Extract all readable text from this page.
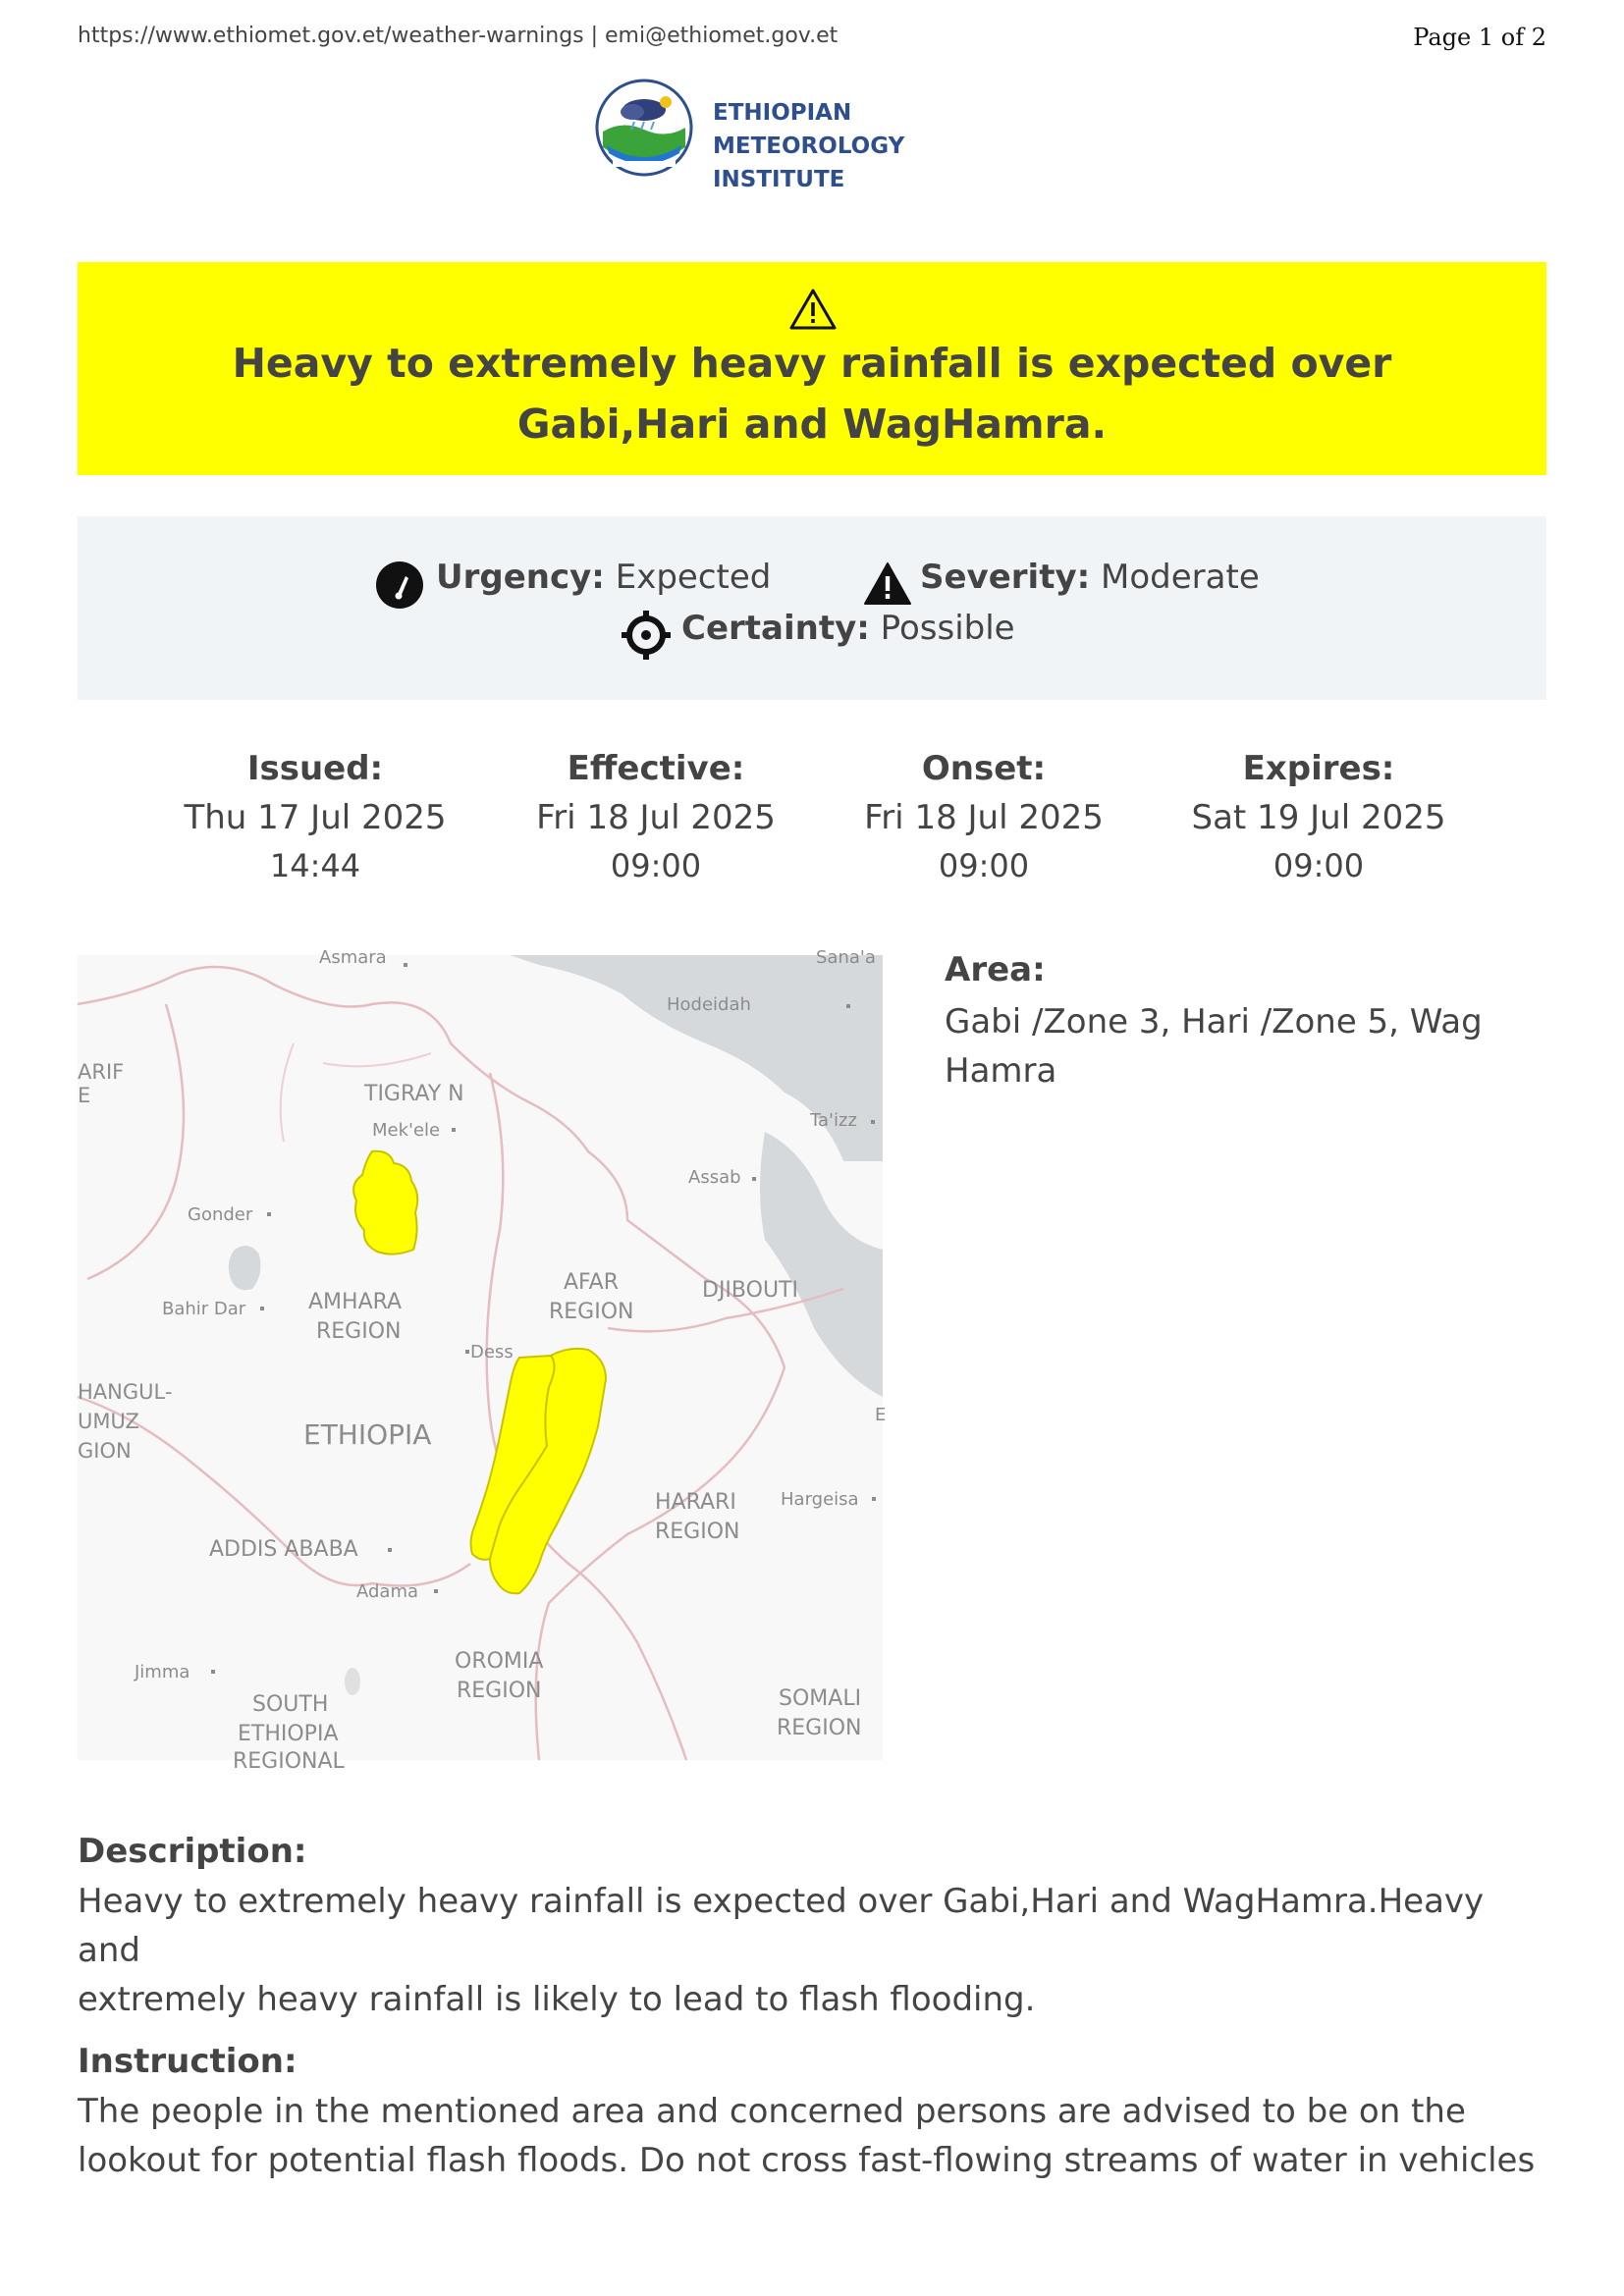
https://www.ethiomet.gov.et/weather-warnings | emi@ethiomet.gov.et	Page 1 of 2
ETHIOPIAN METEOROLOGY
INSTITUTE
Heavy to extremely heavy rainfall is expected over
Gabi,Hari and WagHamra.
Urgency: Expected	Severity: Moderate
Certainty: Possible
Issued:
Thu 17 Jul 2025
14:44
Effective:
Fri 18 Jul 2025
09:00
Onset:
Fri 18 Jul 2025
09:00
Expires:
Sat 19 Jul 2025
09:00
Asmara	Sana'a
Hodeidah
ARIF
E	TIGRAY N
Mek'ele	Ta'izz
Assab
Gonder
DJIBOUTI
Bahir Dar	AMHARA
REGION
AFAR
REGION
Dess
HANGUL-
UMUZ
GION	ETHIOPIA
E
Hargeisa
HARARI
REGION
ADDIS ABABA
Adama
Jimma	OROMIA
REGION
SOUTH
ETHIOPIA
REGIONAL
SOMALI
REGION
Area:
Gabi /Zone 3, Hari /Zone 5, Wag
Hamra
Description:
Heavy to extremely heavy rainfall is expected over Gabi,Hari and WagHamra.Heavy and
extremely heavy rainfall is likely to lead to flash flooding.
Instruction:
The people in the mentioned area and concerned persons are advised to be on the
lookout for potential flash floods. Do not cross fast-flowing streams of water in vehicles
